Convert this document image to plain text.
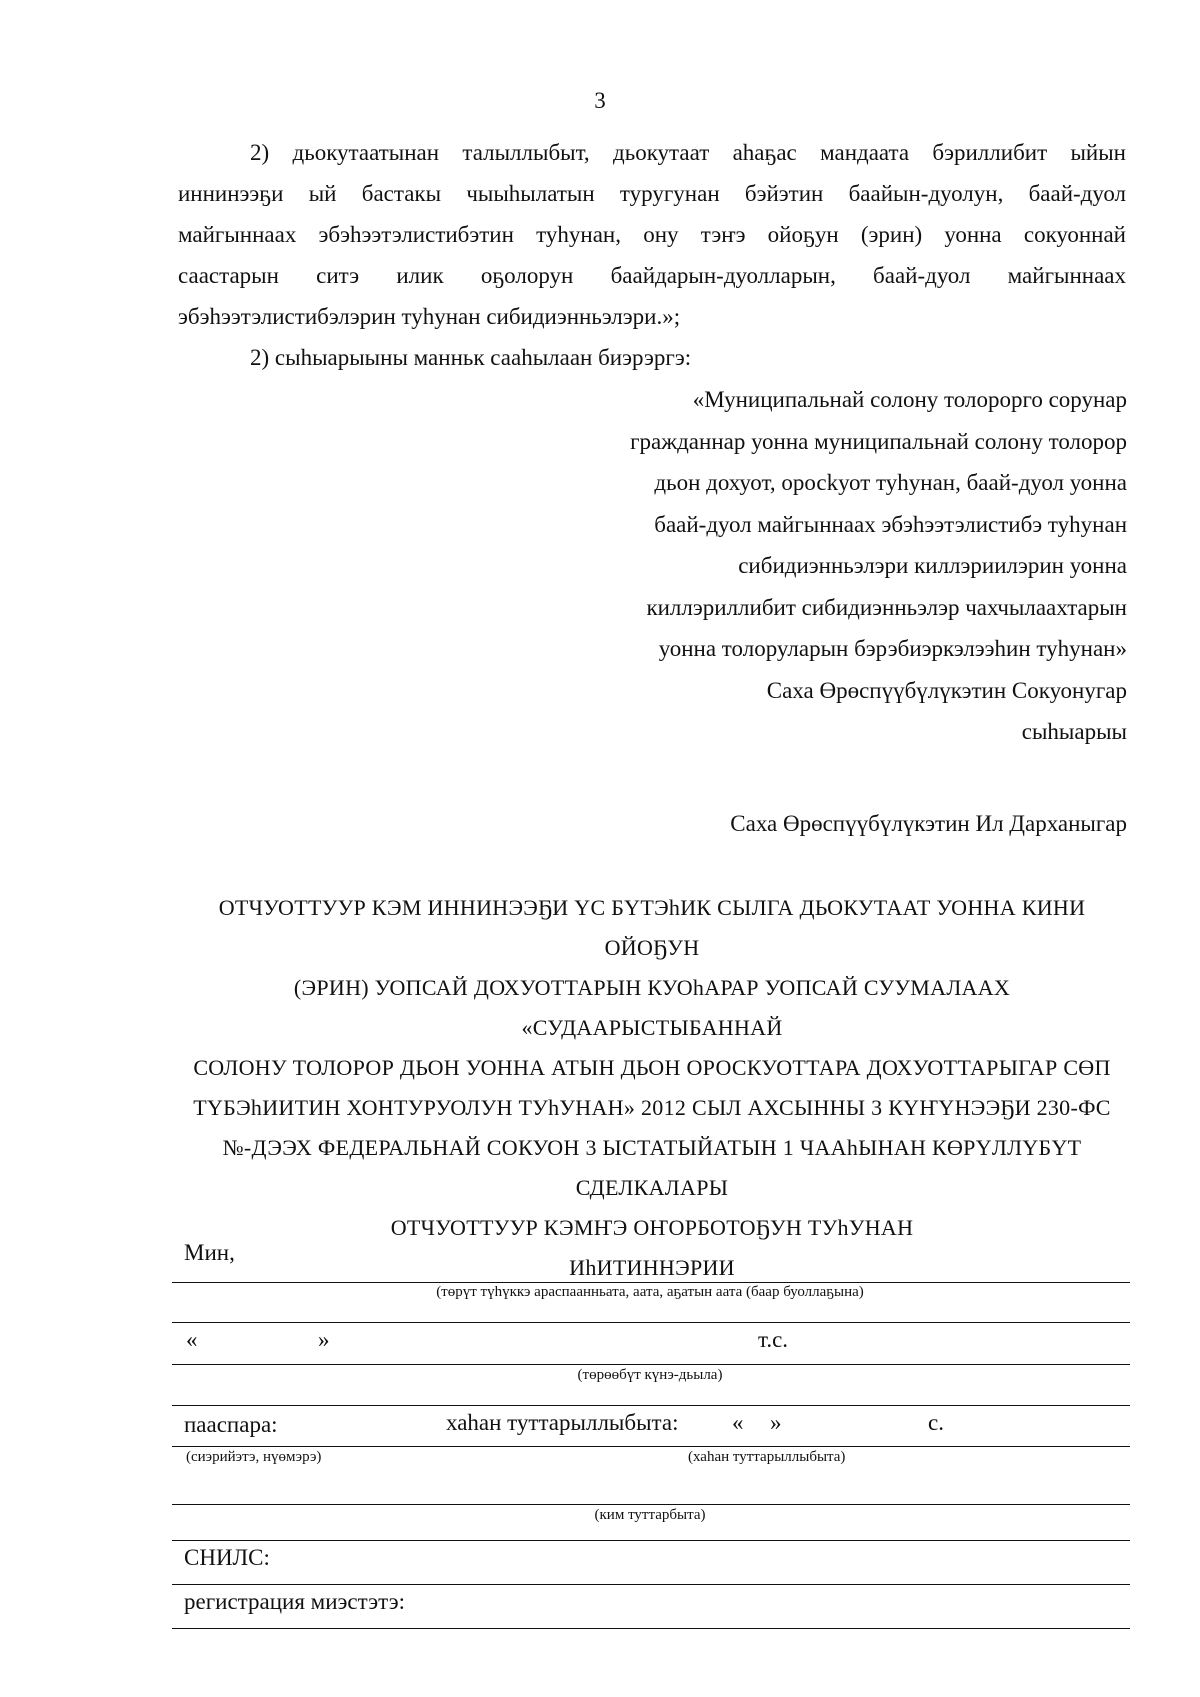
3
2) дьокутаатынан талыллыбыт, дьокутаат аhаҕас мандаата бэриллибит ыйын
иннинээҕи ый бастакы чыыhылатын туругунан бэйэтин баайын-дуолун, баай-дуол
майгыннаах эбэhээтэлистибэтин туhунан, ону тэҥэ ойоҕун (эрин) уонна сокуоннай
саастарын ситэ илик оҕолорун баайдарын-дуолларын, баай-дуол майгыннаах
эбэhээтэлистибэлэрин туhунан сибидиэнньэлэри.»;
2) сыhыарыыны манньк сааhылаан биэрэргэ:
«Муниципальнай солону толорорго сорунар
гражданнар уонна муниципальнай солону толорор
дьон дохуот, оросkуот туhунан, баай-дуол уонна
баай-дуол майгыннаах эбэhээтэлистибэ туhунан
сибидиэнньэлэри киллэриилэрин уонна
киллэриллибит сибидиэнньэлэр чахчылаахтарын
уонна толоруларын бэрэбиэркэлээhин туhунан»
Саха Өрөспүүбүлүкэтин Сокуонугар
сыhыарыы
Саха Өрөспүүбүлүкэтин Ил Дарханыгар
ОТЧУОТТУУР КЭМ ИННИНЭЭҔИ ҮС БҮТЭhИК СЫЛГА ДЬОКУТААТ УОННА КИНИ ОЙОҔУН
(ЭРИН) УОПСАЙ ДОХУОТТАРЫН КУОhАРАР УОПСАЙ СУУМАЛААХ «СУДААРЫСТЫБАННАЙ
СОЛОНУ ТОЛОРОР ДЬОН УОННА АТЫН ДЬОН ОРОСКУОТТАРА ДОХУОТТАРЫГАР СӨП
ТҮБЭhИИТИН ХОНТУРУОЛУН ТУhУНАН» 2012 СЫЛ АХСЫННЫ 3 КҮҤҮНЭЭҔИ 230-ФС
№-ДЭЭХ ФЕДЕРАЛЬНАЙ СОКУОН 3 ЫСТАТЫЙАТЫН 1 ЧААhЫНАН КӨРҮЛЛҮБҮТ СДЕЛКАЛАРЫ
ОТЧУОТТУУР КЭМҤЭ ОҤОРБОТОҔУН ТУhУНАН
ИhИТИННЭРИИ
Мин,
(төрүт түhүккэ араспаанньата, аата, аҕатын аата (баар буоллаҕына)
«	»	т.с.
(төрөөбүт күнэ-дьыла)
пааспара:	хаhан туттарыллыбыта: « »	с.
(сиэрийэтэ, нүөмэрэ)	(хаhан туттарыллыбыта)
(ким туттарбыта)
СНИЛС:
регистрация миэстэтэ:
